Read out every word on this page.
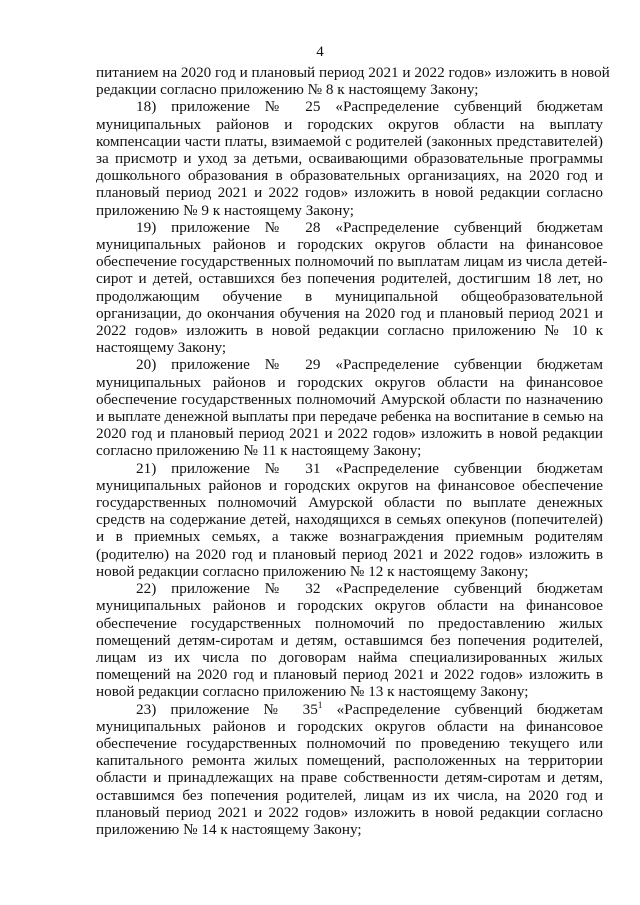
4
питанием на 2020 год и плановый период 2021 и 2022 годов» изложить в новой
редакции согласно приложению № 8 к настоящему Закону;
18) приложение № 25 «Распределение субвенций бюджетам
муниципальных районов и городских округов области на выплату
компенсации части платы, взимаемой с родителей (законных представителей)
за присмотр и уход за детьми, осваивающими образовательные программы
дошкольного образования в образовательных организациях, на 2020 год и
плановый период 2021 и 2022 годов» изложить в новой редакции согласно
приложению № 9 к настоящему Закону;
19) приложение № 28 «Распределение субвенций бюджетам
муниципальных районов и городских округов области на финансовое
обеспечение государственных полномочий по выплатам лицам из числа детей-
сирот и детей, оставшихся без попечения родителей, достигшим 18 лет, но
продолжающим обучение в муниципальной общеобразовательной
организации, до окончания обучения на 2020 год и плановый период 2021 и
2022 годов» изложить в новой редакции согласно приложению № 10 к
настоящему Закону;
20) приложение № 29 «Распределение субвенции бюджетам
муниципальных районов и городских округов области на финансовое
обеспечение государственных полномочий Амурской области по назначению
и выплате денежной выплаты при передаче ребенка на воспитание в семью на
2020 год и плановый период 2021 и 2022 годов» изложить в новой редакции
согласно приложению № 11 к настоящему Закону;
21) приложение № 31 «Распределение субвенции бюджетам
муниципальных районов и городских округов на финансовое обеспечение
государственных полномочий Амурской области по выплате денежных
средств на содержание детей, находящихся в семьях опекунов (попечителей)
и в приемных семьях, а также вознаграждения приемным родителям
(родителю) на 2020 год и плановый период 2021 и 2022 годов» изложить в
новой редакции согласно приложению № 12 к настоящему Закону;
22) приложение № 32 «Распределение субвенций бюджетам
муниципальных районов и городских округов области на финансовое
обеспечение государственных полномочий по предоставлению жилых
помещений детям-сиротам и детям, оставшимся без попечения родителей,
лицам из их числа по договорам найма специализированных жилых
помещений на 2020 год и плановый период 2021 и 2022 годов» изложить в
новой редакции согласно приложению № 13 к настоящему Закону;
23) приложение № $35^1$ «Распределение субвенций бюджетам
муниципальных районов и городских округов области на финансовое
обеспечение государственных полномочий по проведению текущего или
капитального ремонта жилых помещений, расположенных на территории
области и принадлежащих на праве собственности детям-сиротам и детям,
оставшимся без попечения родителей, лицам из их числа, на 2020 год и
плановый период 2021 и 2022 годов» изложить в новой редакции согласно
приложению № 14 к настоящему Закону;
